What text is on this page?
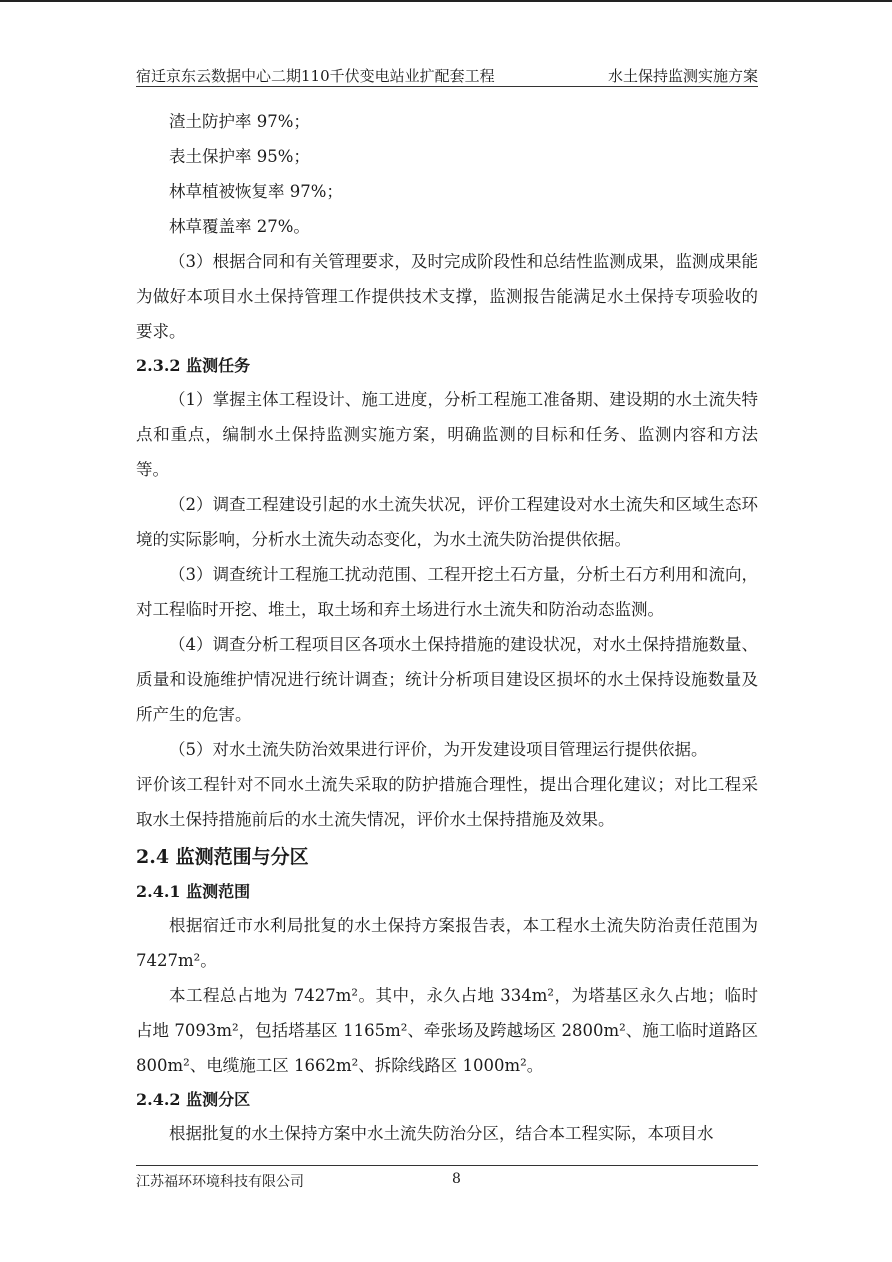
宿迁京东云数据中心二期110千伏变电站业扩配套工程	水土保持监测实施方案

渣土防护率 97%；

表土保护率 95%；

林草植被恢复率 97%；

林草覆盖率 27%。

（3）根据合同和有关管理要求，及时完成阶段性和总结性监测成果，监测成果能为做好本项目水土保持管理工作提供技术支撑，监测报告能满足水土保持专项验收的要求。

2.3.2 监测任务

（1）掌握主体工程设计、施工进度，分析工程施工准备期、建设期的水土流失特点和重点，编制水土保持监测实施方案，明确监测的目标和任务、监测内容和方法等。

（2）调查工程建设引起的水土流失状况，评价工程建设对水土流失和区域生态环境的实际影响，分析水土流失动态变化，为水土流失防治提供依据。

（3）调查统计工程施工扰动范围、工程开挖土石方量，分析土石方利用和流向，对工程临时开挖、堆土，取土场和弃土场进行水土流失和防治动态监测。

（4）调查分析工程项目区各项水土保持措施的建设状况，对水土保持措施数量、质量和设施维护情况进行统计调查；统计分析项目建设区损坏的水土保持设施数量及所产生的危害。

（5）对水土流失防治效果进行评价，为开发建设项目管理运行提供依据。

评价该工程针对不同水土流失采取的防护措施合理性，提出合理化建议；对比工程采取水土保持措施前后的水土流失情况，评价水土保持措施及效果。

2.4 监测范围与分区
2.4.1 监测范围

根据宿迁市水利局批复的水土保持方案报告表，本工程水土流失防治责任范围为 7427m²。

本工程总占地为 7427m²。其中，永久占地 334m²，为塔基区永久占地；临时占地 7093m²，包括塔基区 1165m²、牵张场及跨越场区 2800m²、施工临时道路区 800m²、电缆施工区 1662m²、拆除线路区 1000m²。

2.4.2 监测分区

根据批复的水土保持方案中水土流失防治分区，结合本工程实际，本项目水

江苏福环环境科技有限公司	8
